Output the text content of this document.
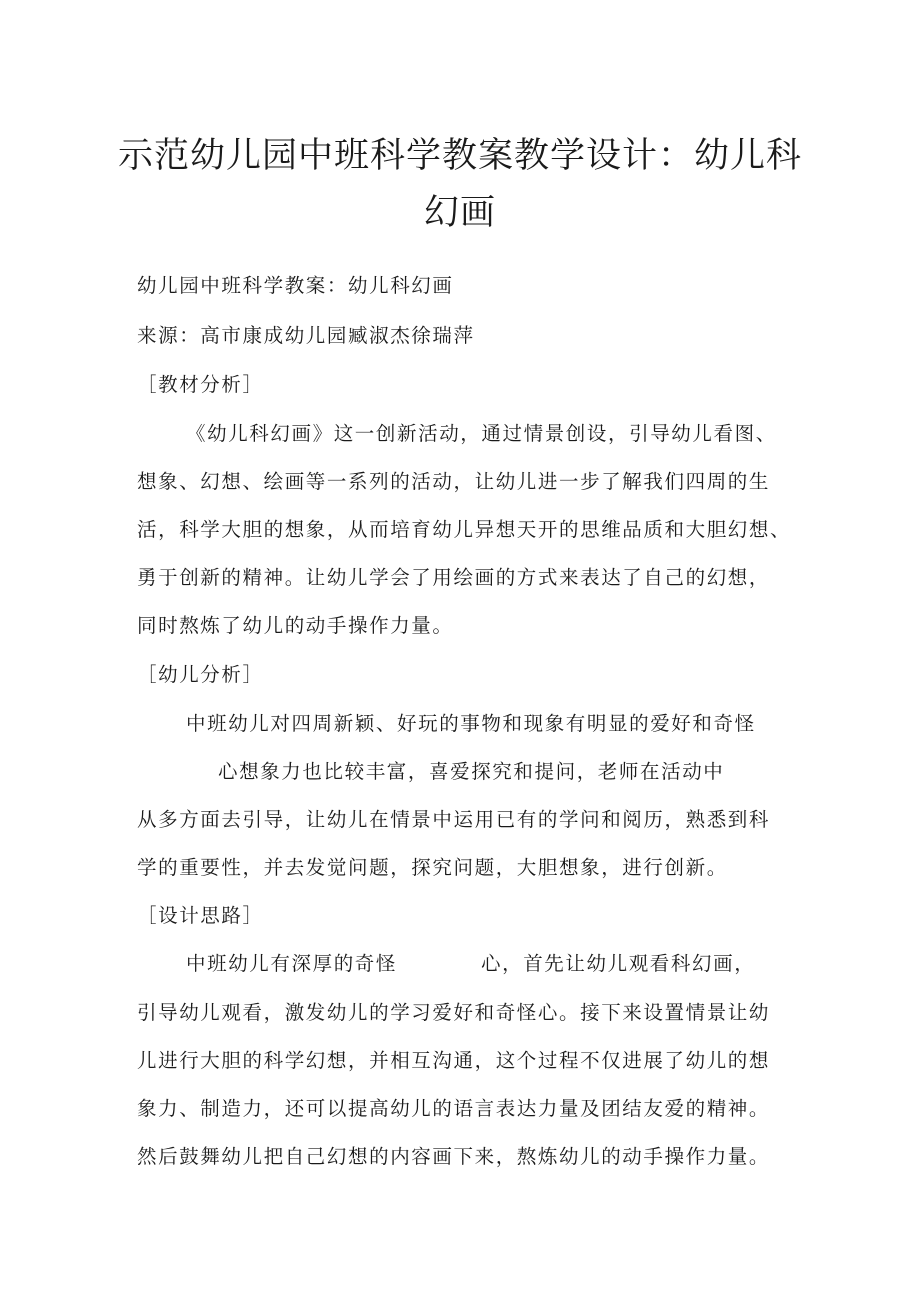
示范幼儿园中班科学教案教学设计：幼儿科
幻画

幼儿园中班科学教案：幼儿科幻画

来源：高市康成幼儿园臧淑杰徐瑞萍

［教材分析］

《幼儿科幻画》这一创新活动，通过情景创设，引导幼儿看图、

想象、幻想、绘画等一系列的活动，让幼儿进一步了解我们四周的生

活，科学大胆的想象，从而培育幼儿异想天开的思维品质和大胆幻想、

勇于创新的精神。让幼儿学会了用绘画的方式来表达了自己的幻想，

同时熬炼了幼儿的动手操作力量。

［幼儿分析］

中班幼儿对四周新颖、好玩的事物和现象有明显的爱好和奇怪

心想象力也比较丰富，喜爱探究和提问，老师在活动中

从多方面去引导，让幼儿在情景中运用已有的学问和阅历，熟悉到科

学的重要性，并去发觉问题，探究问题，大胆想象，进行创新。

［设计思路］

中班幼儿有深厚的奇怪	心，首先让幼儿观看科幻画，

引导幼儿观看，激发幼儿的学习爱好和奇怪心。接下来设置情景让幼

儿进行大胆的科学幻想，并相互沟通，这个过程不仅进展了幼儿的想

象力、制造力，还可以提高幼儿的语言表达力量及团结友爱的精神。

然后鼓舞幼儿把自己幻想的内容画下来，熬炼幼儿的动手操作力量。
